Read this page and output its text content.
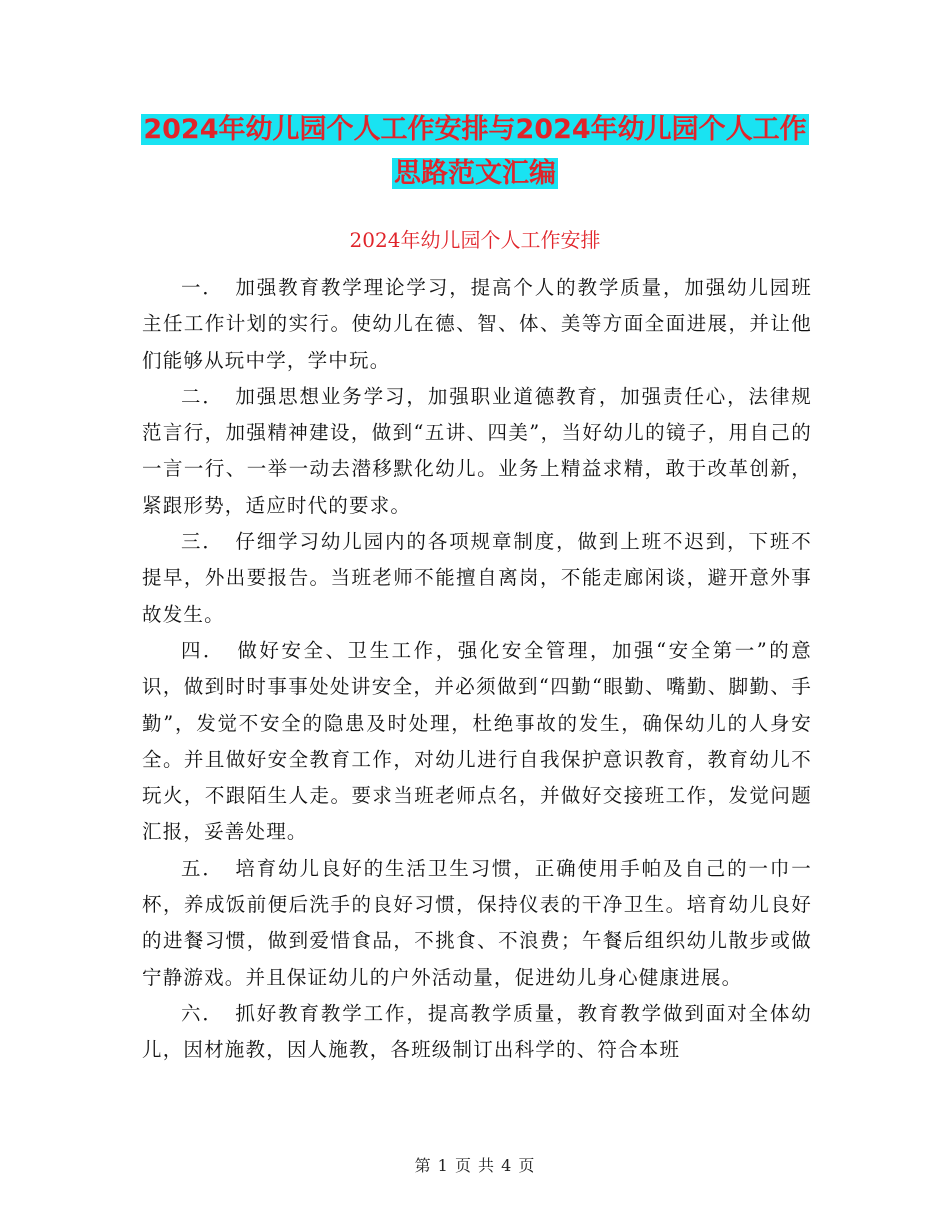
2024年幼儿园个人工作安排与2024年幼儿园个人工作
思路范文汇编
2024年幼儿园个人工作安排

一．　加强教育教学理论学习，提高个人的教学质量，加强幼儿园班主任工作计划的实行。使幼儿在德、智、体、美等方面全面进展，并让他们能够从玩中学，学中玩。

二．　加强思想业务学习，加强职业道德教育，加强责任心，法律规范言行，加强精神建设，做到“五讲、四美”，当好幼儿的镜子，用自己的一言一行、一举一动去潜移默化幼儿。业务上精益求精，敢于改革创新，紧跟形势，适应时代的要求。

三．　仔细学习幼儿园内的各项规章制度，做到上班不迟到，下班不提早，外出要报告。当班老师不能擅自离岗，不能走廊闲谈，避开意外事故发生。

四．　做好安全、卫生工作，强化安全管理，加强“安全第一”的意识，做到时时事事处处讲安全，并必须做到“四勤“眼勤、嘴勤、脚勤、手勤”，发觉不安全的隐患及时处理，杜绝事故的发生，确保幼儿的人身安全。并且做好安全教育工作，对幼儿进行自我保护意识教育，教育幼儿不玩火，不跟陌生人走。要求当班老师点名，并做好交接班工作，发觉问题汇报，妥善处理。

五．　培育幼儿良好的生活卫生习惯，正确使用手帕及自己的一巾一杯，养成饭前便后洗手的良好习惯，保持仪表的干净卫生。培育幼儿良好的进餐习惯，做到爱惜食品，不挑食、不浪费；午餐后组织幼儿散步或做宁静游戏。并且保证幼儿的户外活动量，促进幼儿身心健康进展。

六．　抓好教育教学工作，提高教学质量，教育教学做到面对全体幼儿，因材施教，因人施教，各班级制订出科学的、符合本班

第 1 页 共 4 页
